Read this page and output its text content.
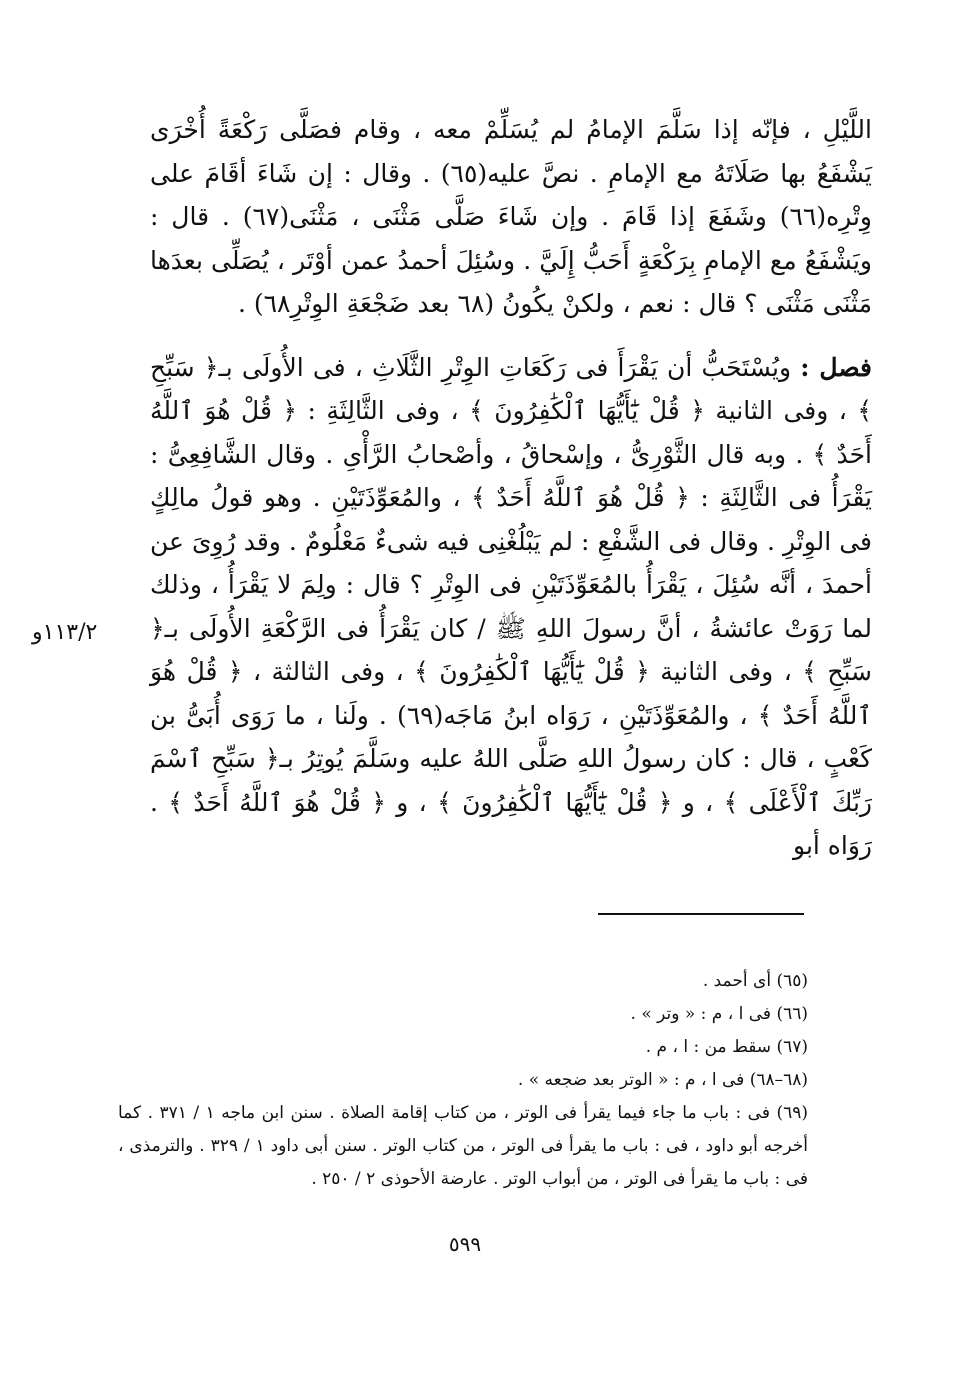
اللَّيْلِ ، فإنّه إذا سَلَّمَ الإمامُ لم يُسَلِّمْ معه ، وقام فصَلَّى رَكْعَةً أُخْرَى يَشْفَعُ بها صَلَاتَهُ مع الإمامِ . نصَّ عليه(٦٥) . وقال : إن شَاءَ أقَامَ على وِتْرِه(٦٦) وشَفَعَ إذا قَامَ . وإن شَاءَ صَلَّى مَثْنَى ، مَثْنَى(٦٧) . قال : ويَشْفَعُ مع الإمامِ بِرَكْعَةٍ أَحَبُّ إِلَيَّ . وسُئِلَ أحمدُ عمن أوْتَر ، يُصَلِّى بعدَها مَثْنَى مَثْنَى ؟ قال : نعم ، ولكنْ يكُونُ (٦٨ بعد ضَجْعَةِ الوِتْرِ٦٨) .

فصل : ويُسْتَحَبُّ أن يَقْرَأَ فى رَكَعَاتِ الوِتْرِ الثَّلَاثِ ، فى الأُولَى بـ﴿ سَبِّحِ ﴾ ، وفى الثانية ﴿ قُلْ يَٰٓأَيُّهَا ٱلْكَٰفِرُونَ ﴾ ، وفى الثَّالِثَةِ : ﴿ قُلْ هُوَ ٱللَّهُ أَحَدٌ ﴾ . وبه قال الثَّوْرِىُّ ، وإسْحاقُ ، وأصْحابُ الرَّأْىِ . وقال الشَّافِعِىُّ : يَقْرَأُ فى الثَّالِثَةِ : ﴿ قُلْ هُوَ ٱللَّهُ أَحَدٌ ﴾ ، والمُعَوِّذَتَيْنِ . وهو قولُ مالِكٍ فى الوِتْرِ . وقال فى الشَّفْعِ : لم يَبْلُغْنِى فيه شىءٌ مَعْلُومٌ . وقد رُوِىَ عن أحمدَ ، أنَّه سُئِلَ ، يَقْرَأُ بالمُعَوِّذَتَيْنِ فى الوِتْرِ ؟ قال : ولِمَ لا يَقْرَأُ ، وذلك لما رَوَتْ عائشةُ ، أنَّ رسولَ اللهِ ﷺ / كان يَقْرَأُ فى الرَّكْعَةِ الأُولَى بـ﴿ سَبِّحِ ﴾ ، وفى الثانية ﴿ قُلْ يَٰٓأَيُّهَا ٱلْكَٰفِرُونَ ﴾ ، وفى الثالثة ، ﴿ قُلْ هُوَ ٱللَّهُ أَحَدٌ ﴾ ، والمُعَوِّذَتَيْنِ ، رَوَاه ابنُ مَاجَه(٦٩) . ولَنا ، ما رَوَى أُبَىُّ بن كَعْبٍ ، قال : كان رسولُ اللهِ صَلَّى اللهُ عليه وسَلَّمَ يُوتِرُ بـ﴿ سَبِّحِ ٱسْمَ رَبِّكَ ٱلْأَعْلَى ﴾ ، و ﴿ قُلْ يَٰٓأَيُّهَا ٱلْكَٰفِرُونَ ﴾ ، و ﴿ قُلْ هُوَ ٱللَّهُ أَحَدٌ ﴾ . رَوَاه أبو

١١٣/٢و

(٦٥) أى أحمد .

(٦٦) فى ا ، م : « وتر » .

(٦٧) سقط من : ا ، م .

(٦٨–٦٨) فى ا ، م : « الوتر بعد ضجعه » .

(٦٩) فى : باب ما جاء فيما يقرأ فى الوتر ، من كتاب إقامة الصلاة . سنن ابن ماجه ١ / ٣٧١ . كما أخرجه أبو داود ، فى : باب ما يقرأ فى الوتر ، من كتاب الوتر . سنن أبى داود ١ / ٣٢٩ . والترمذى ، فى : باب ما يقرأ فى الوتر ، من أبواب الوتر . عارضة الأحوذى ٢ / ٢٥٠ .

٥٩٩
